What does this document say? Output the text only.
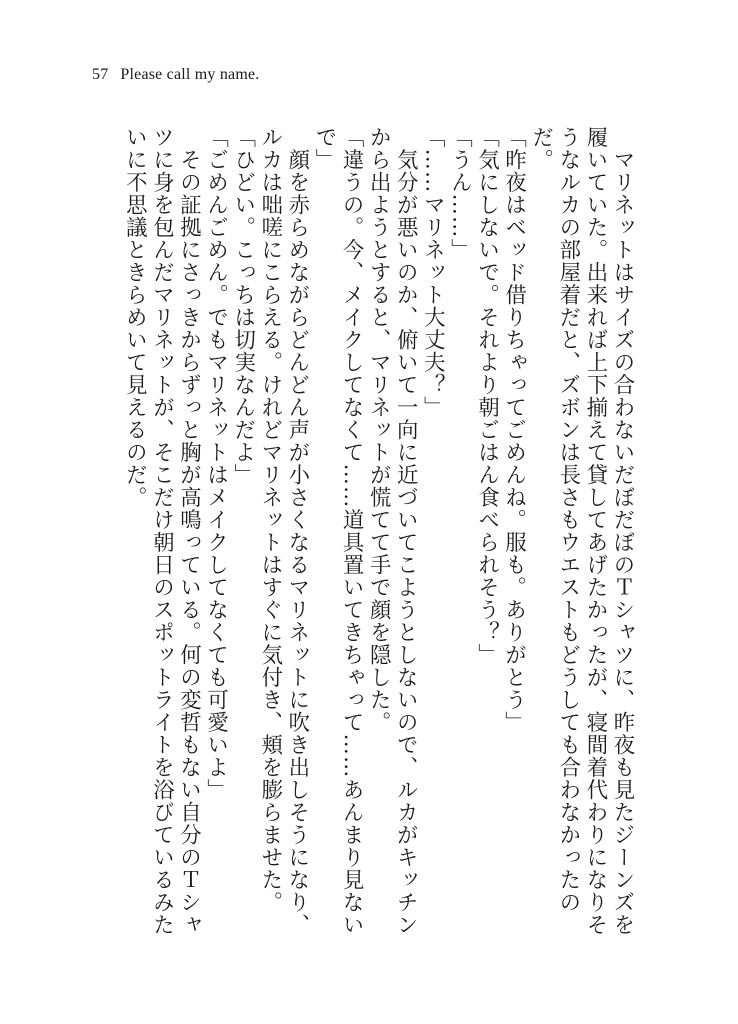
57 Please call my name.

　マリネットはサイズの合わないだぼだぼのＴシャツに、昨夜も見たジーンズを履いていた。出来れば上下揃えて貸してあげたかったが、寝間着代わりになりそうなルカの部屋着だと、ズボンは長さもウエストもどうしても合わなかったのだ。

「昨夜はベッド借りちゃってごめんね。服も。ありがとう」

「気にしないで。それより朝ごはん食べられそう？」

「うん……」

「……マリネット大丈夫？」

　気分が悪いのか、俯いて一向に近づいてこようとしないので、ルカがキッチンから出ようとすると、マリネットが慌てて手で顔を隠した。

「違うの。今、メイクしてなくて……道具置いてきちゃって……あんまり見ないで」

　顔を赤らめながらどんどん声が小さくなるマリネットに吹き出しそうになり、ルカは咄嗟にこらえる。けれどマリネットはすぐに気付き、頬を膨らませた。

「ひどい。こっちは切実なんだよ」

「ごめんごめん。でもマリネットはメイクしてなくても可愛いよ」

　その証拠にさっきからずっと胸が高鳴っている。何の変哲もない自分のＴシャツに身を包んだマリネットが、そこだけ朝日のスポットライトを浴びているみたいに不思議ときらめいて見えるのだ。
